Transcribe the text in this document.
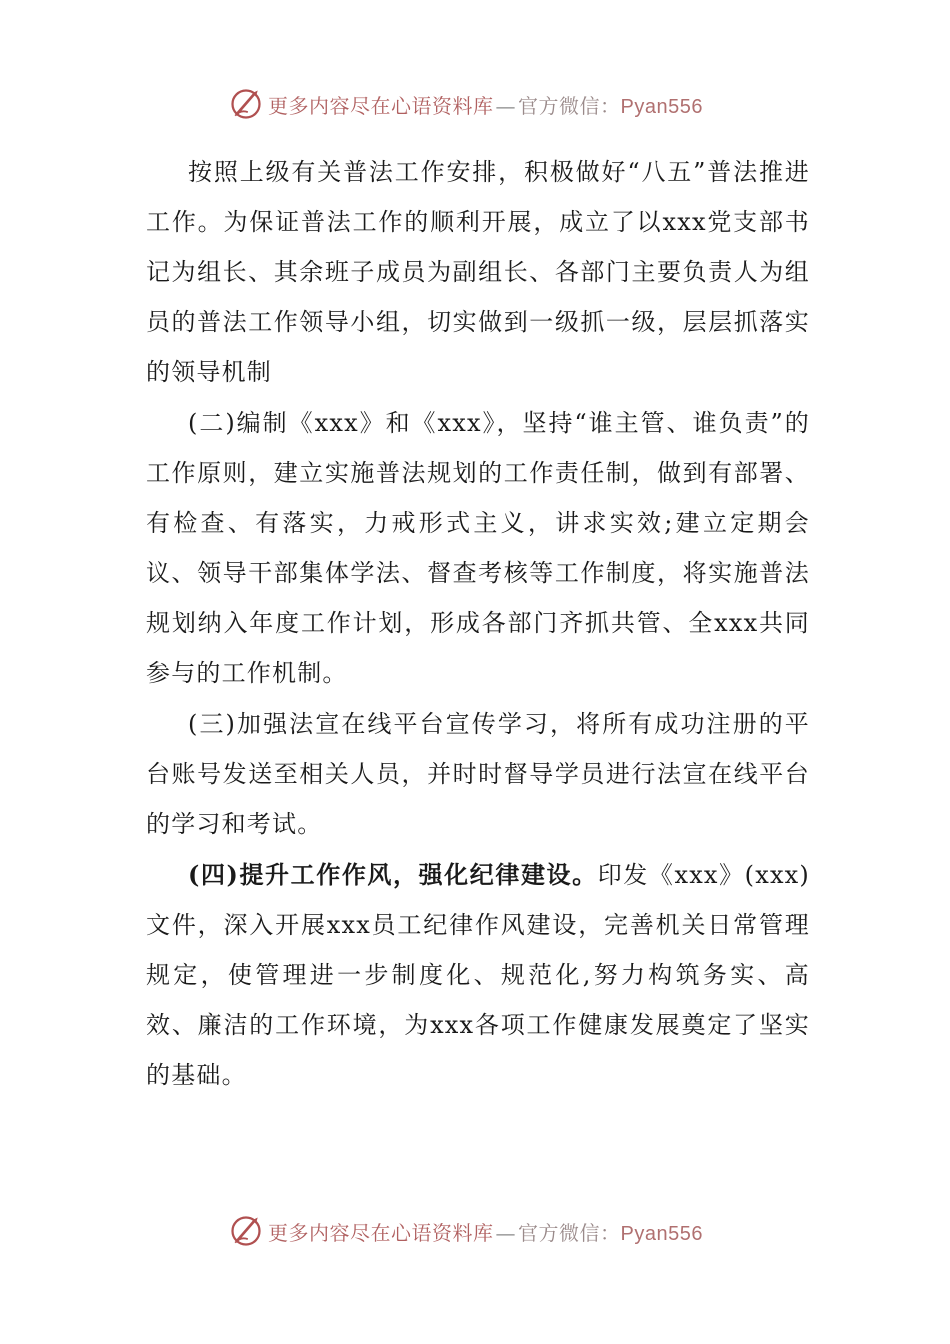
更多内容尽在心语资料库 — 官方微信：Pyan556

按照上级有关普法工作安排，积极做好“八五”普法推进工作。为保证普法工作的顺利开展，成立了以xxx党支部书记为组长、其余班子成员为副组长、各部门主要负责人为组员的普法工作领导小组，切实做到一级抓一级，层层抓落实的领导机制

(二)编制《xxx》和《xxx》，坚持“谁主管、谁负责”的工作原则，建立实施普法规划的工作责任制，做到有部署、有检查、有落实，力戒形式主义，讲求实效;建立定期会议、领导干部集体学法、督查考核等工作制度，将实施普法规划纳入年度工作计划，形成各部门齐抓共管、全xxx共同参与的工作机制。

(三)加强法宣在线平台宣传学习，将所有成功注册的平台账号发送至相关人员，并时时督导学员进行法宣在线平台的学习和考试。

(四)提升工作作风，强化纪律建设。印发《xxx》(xxx)文件，深入开展xxx员工纪律作风建设，完善机关日常管理规定，使管理进一步制度化、规范化,努力构筑务实、高效、廉洁的工作环境，为xxx各项工作健康发展奠定了坚实的基础。

更多内容尽在心语资料库 — 官方微信：Pyan556
